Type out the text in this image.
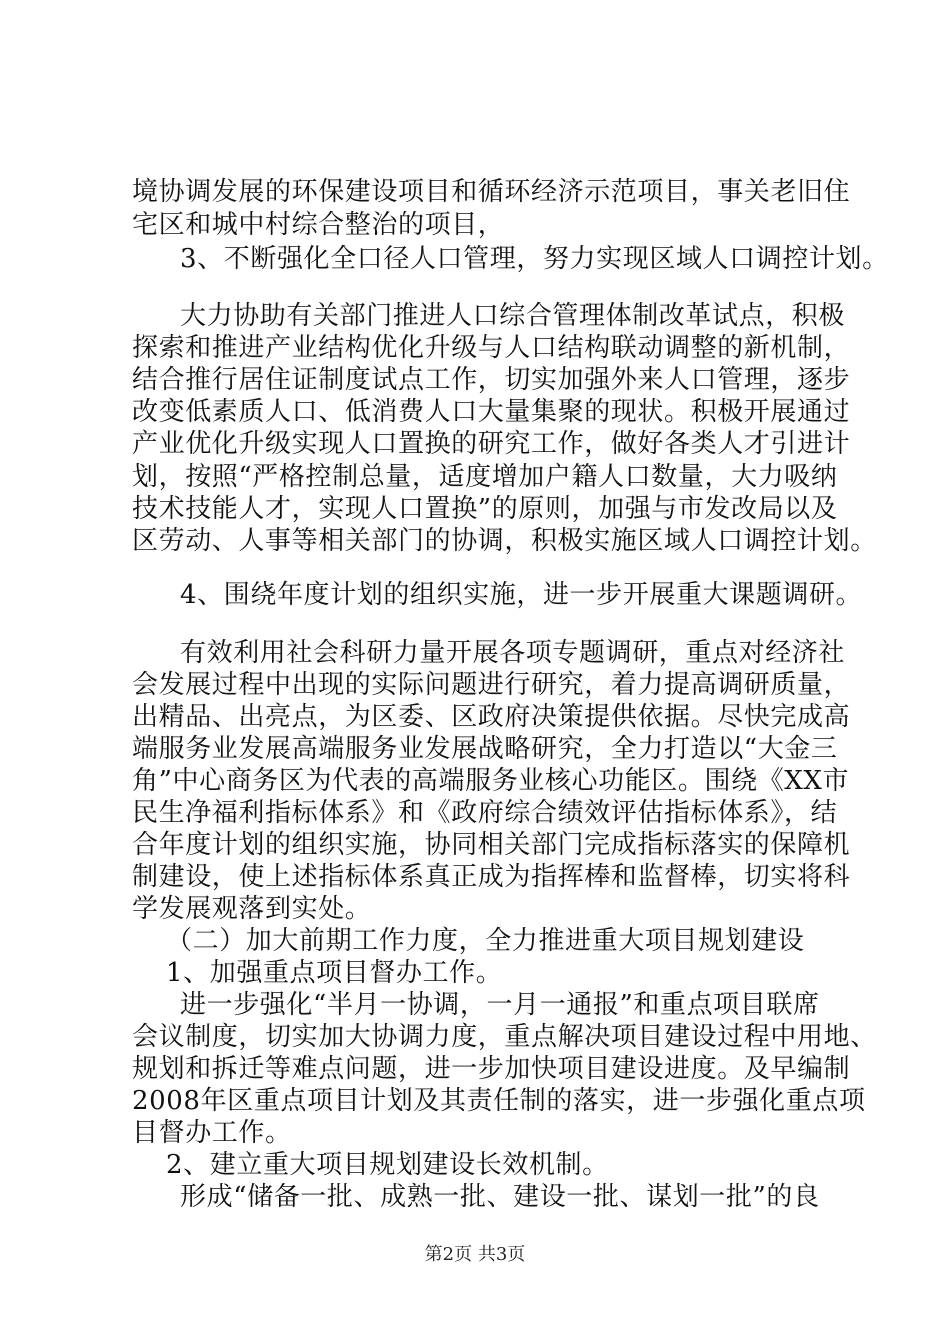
境协调发展的环保建设项目和循环经济示范项目，事关老旧住
宅区和城中村综合整治的项目，
3、不断强化全口径人口管理，努力实现区域人口调控计划。
大力协助有关部门推进人口综合管理体制改革试点，积极
探索和推进产业结构优化升级与人口结构联动调整的新机制，
结合推行居住证制度试点工作，切实加强外来人口管理，逐步
改变低素质人口、低消费人口大量集聚的现状。积极开展通过
产业优化升级实现人口置换的研究工作，做好各类人才引进计
划，按照“严格控制总量，适度增加户籍人口数量，大力吸纳
技术技能人才，实现人口置换”的原则，加强与市发改局以及
区劳动、人事等相关部门的协调，积极实施区域人口调控计划。
4、围绕年度计划的组织实施，进一步开展重大课题调研。
有效利用社会科研力量开展各项专题调研，重点对经济社
会发展过程中出现的实际问题进行研究，着力提高调研质量，
出精品、出亮点，为区委、区政府决策提供依据。尽快完成高
端服务业发展高端服务业发展战略研究，全力打造以“大金三
角”中心商务区为代表的高端服务业核心功能区。围绕《XX市
民生净福利指标体系》和《政府综合绩效评估指标体系》，结
合年度计划的组织实施，协同相关部门完成指标落实的保障机
制建设，使上述指标体系真正成为指挥棒和监督棒，切实将科
学发展观落到实处。
（二）加大前期工作力度，全力推进重大项目规划建设
1、加强重点项目督办工作。
进一步强化“半月一协调，一月一通报”和重点项目联席
会议制度，切实加大协调力度，重点解决项目建设过程中用地、
规划和拆迁等难点问题，进一步加快项目建设进度。及早编制
2008年区重点项目计划及其责任制的落实，进一步强化重点项
目督办工作。
2、建立重大项目规划建设长效机制。
形成“储备一批、成熟一批、建设一批、谋划一批”的良
第2页 共3页
